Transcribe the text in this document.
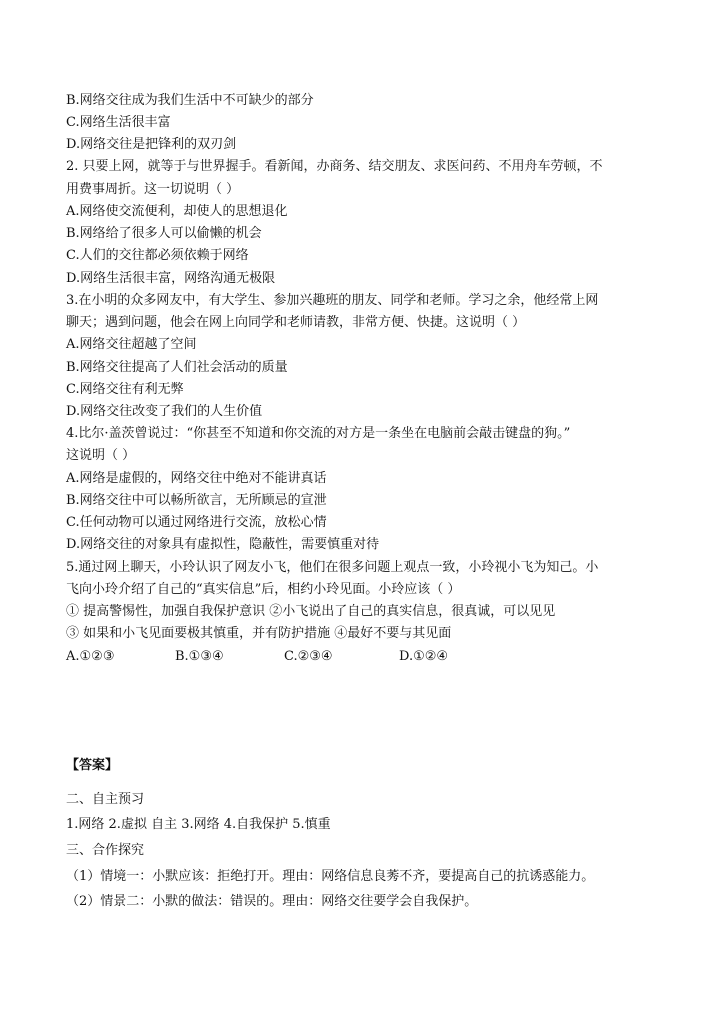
B.网络交往成为我们生活中不可缺少的部分
C.网络生活很丰富
D.网络交往是把锋利的双刃剑
2. 只要上网，就等于与世界握手。看新闻，办商务、结交朋友、求医问药、不用舟车劳顿，不
用费事周折。这一切说明（ ）
A.网络使交流便利，却使人的思想退化
B.网络给了很多人可以偷懒的机会
C.人们的交往都必须依赖于网络
D.网络生活很丰富，网络沟通无极限
3.在小明的众多网友中，有大学生、参加兴趣班的朋友、同学和老师。学习之余，他经常上网
聊天；遇到问题，他会在网上向同学和老师请教，非常方便、快捷。这说明（ ）
A.网络交往超越了空间
B.网络交往提高了人们社会活动的质量
C.网络交往有利无弊
D.网络交往改变了我们的人生价值
4.比尔·盖茨曾说过：“你甚至不知道和你交流的对方是一条坐在电脑前会敲击键盘的狗。”
这说明（ ）
A.网络是虚假的，网络交往中绝对不能讲真话
B.网络交往中可以畅所欲言，无所顾忌的宣泄
C.任何动物可以通过网络进行交流，放松心情
D.网络交往的对象具有虚拟性，隐蔽性，需要慎重对待
5.通过网上聊天，小玲认识了网友小飞，他们在很多问题上观点一致，小玲视小飞为知己。小
飞向小玲介绍了自己的“真实信息”后，相约小玲见面。小玲应该（ ）
① 提高警惕性，加强自我保护意识 ②小飞说出了自己的真实信息，很真诚，可以见见
③ 如果和小飞见面要极其慎重，并有防护措施 ④最好不要与其见面
A.①②③	B.①③④	C.②③④	D.①②④
【答案】
二、自主预习
1.网络 2.虚拟 自主 3.网络 4.自我保护 5.慎重
三、合作探究
（1）情境一：小默应该：拒绝打开。理由：网络信息良莠不齐，要提高自己的抗诱惑能力。
（2）情景二：小默的做法：错误的。理由：网络交往要学会自我保护。
